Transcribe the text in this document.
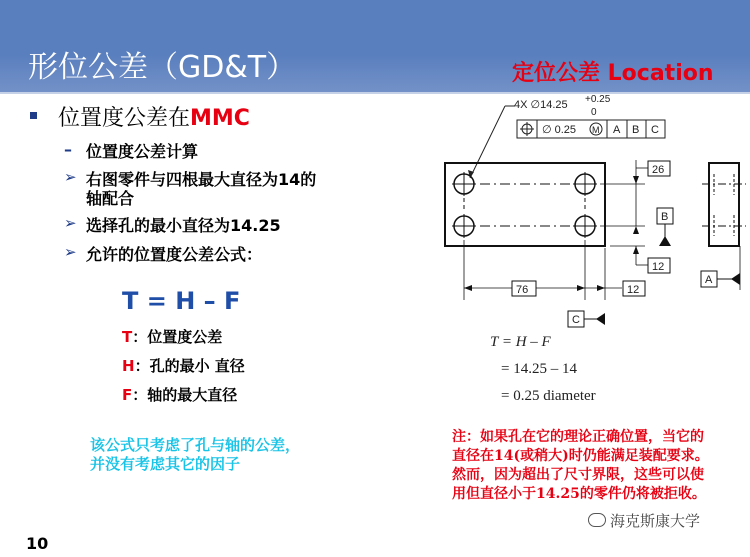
形位公差（GD&T）	定位公差 Location
位置度公差在MMC
– 位置度公差计算
➢ 右图零件与四根最大直径为14的
轴配合
➢ 选择孔的最小直径为14.25
➢ 允许的位置度公差公式：
T = H – F
T：位置度公差
H：孔的最小 直径
F：轴的最大直径
该公式只考虑了孔与轴的公差，
并没有考虑其它的因子
注：如果孔在它的理论正确位置，当它的直径在14(或稍大)时仍能满足装配要求。然而，因为超出了尺寸界限，这些可以使用但直径小于14.25的零件仍将被拒收。
10
海克斯康大学
4X ∅14.25 +0.25
0
∅ 0.25 M A B C
26
12
B
76	12
C
A
T = H – F
= 14.25 – 14
= 0.25 diameter
